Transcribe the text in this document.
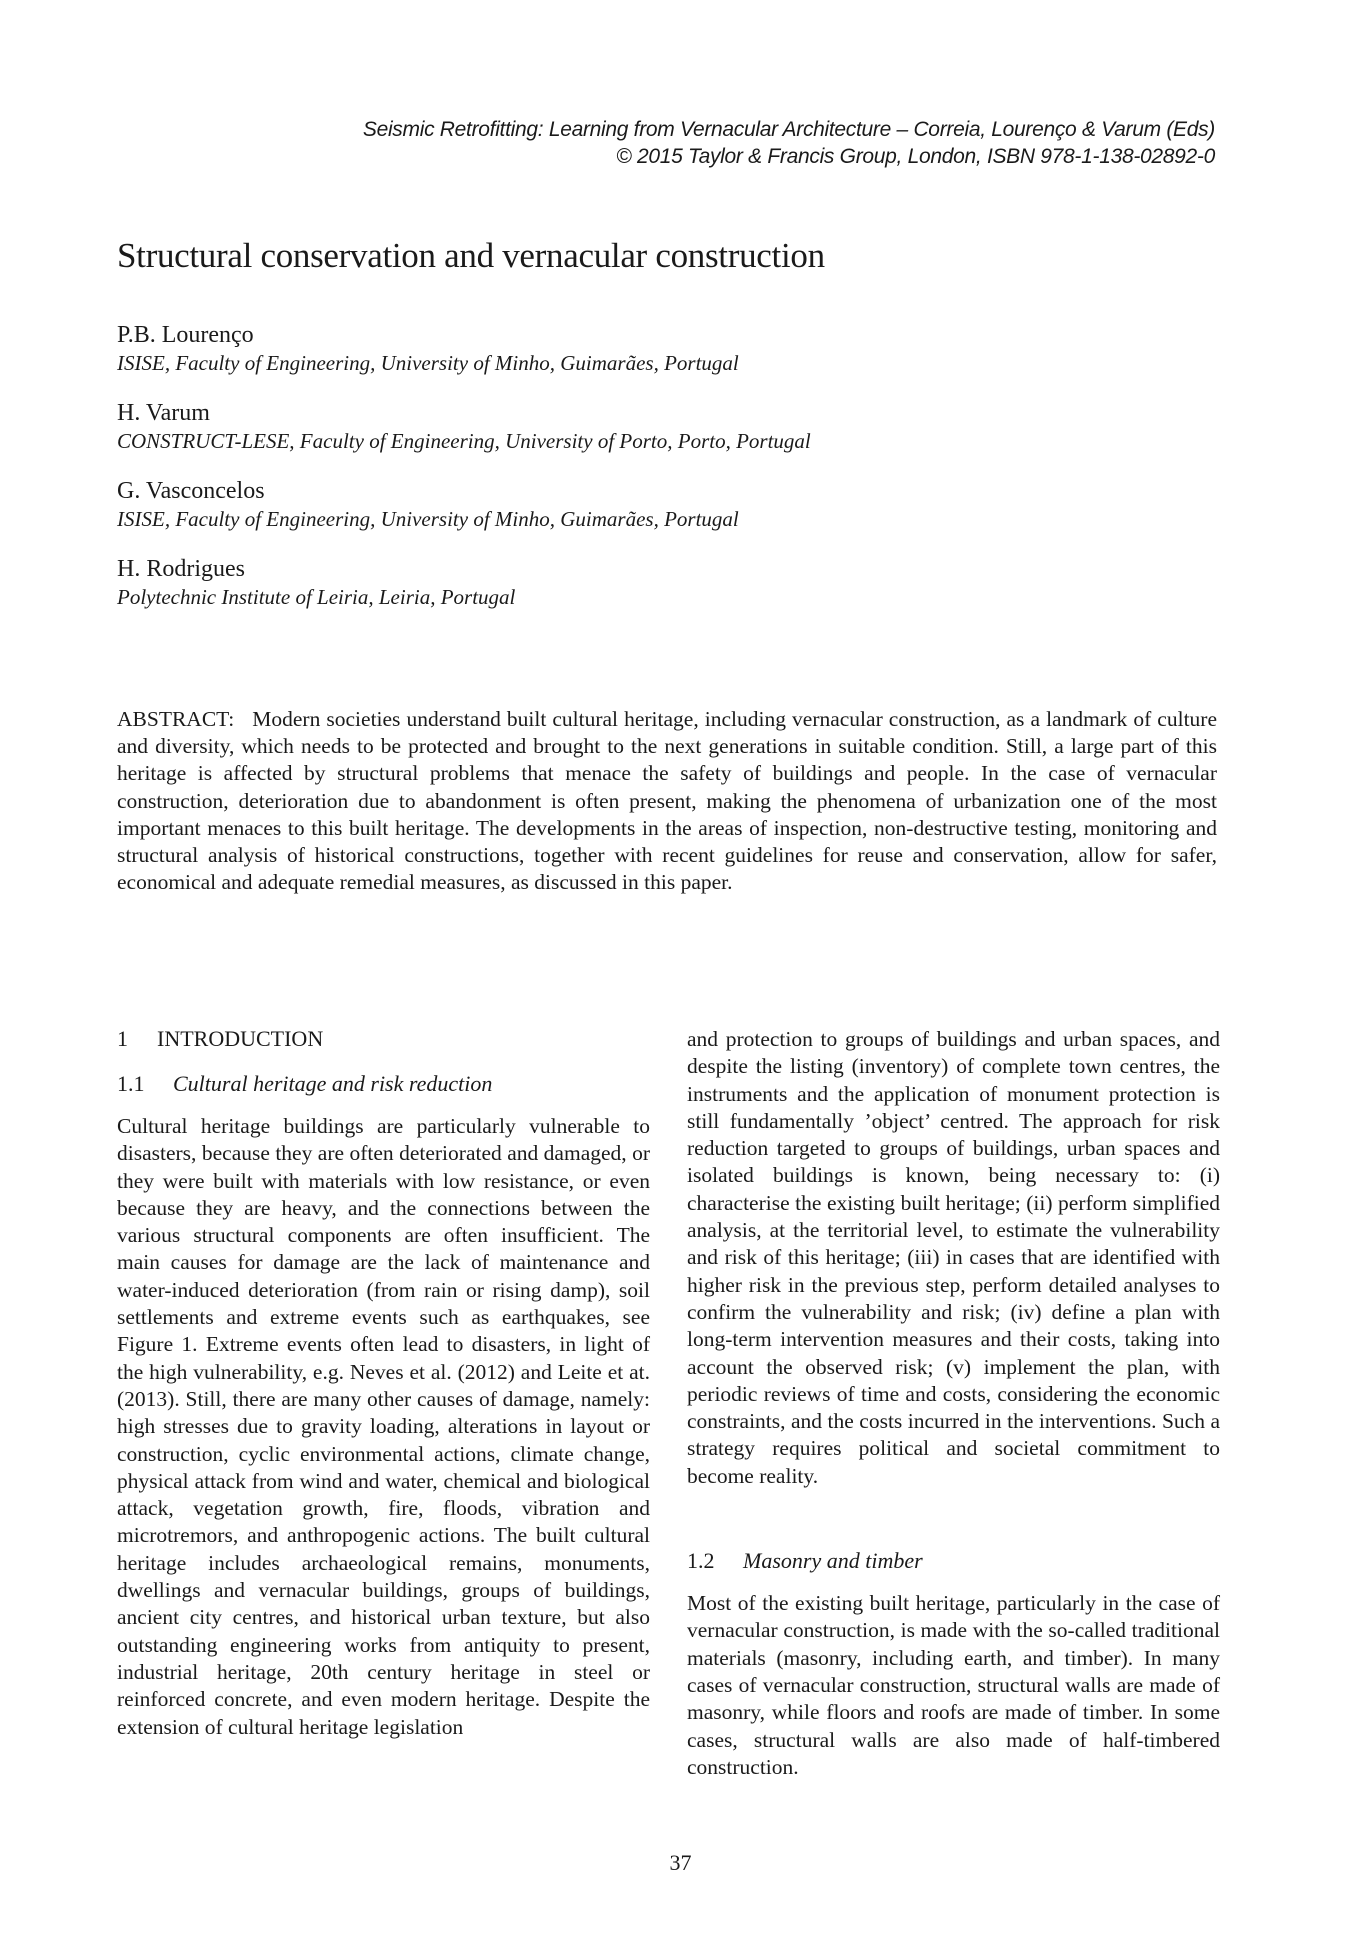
Seismic Retrofitting: Learning from Vernacular Architecture – Correia, Lourenço & Varum (Eds)
© 2015 Taylor & Francis Group, London, ISBN 978-1-138-02892-0
Structural conservation and vernacular construction
P.B. Lourenço
ISISE, Faculty of Engineering, University of Minho, Guimarães, Portugal
H. Varum
CONSTRUCT-LESE, Faculty of Engineering, University of Porto, Porto, Portugal
G. Vasconcelos
ISISE, Faculty of Engineering, University of Minho, Guimarães, Portugal
H. Rodrigues
Polytechnic Institute of Leiria, Leiria, Portugal
ABSTRACT: Modern societies understand built cultural heritage, including vernacular construction, as a landmark of culture and diversity, which needs to be protected and brought to the next generations in suitable condition. Still, a large part of this heritage is affected by structural problems that menace the safety of buildings and people. In the case of vernacular construction, deterioration due to abandonment is often present, making the phenomena of urbanization one of the most important menaces to this built heritage. The developments in the areas of inspection, non-destructive testing, monitoring and structural analysis of historical constructions, together with recent guidelines for reuse and conservation, allow for safer, economical and adequate remedial measures, as discussed in this paper.
1 INTRODUCTION
1.1 Cultural heritage and risk reduction

Cultural heritage buildings are particularly vulnerable to disasters, because they are often deteriorated and damaged, or they were built with materials with low resistance, or even because they are heavy, and the connections between the various structural components are often insufficient. The main causes for damage are the lack of maintenance and water-induced deterioration (from rain or rising damp), soil settlements and extreme events such as earthquakes, see Figure 1. Extreme events often lead to disasters, in light of the high vulnerability, e.g. Neves et al. (2012) and Leite et at. (2013). Still, there are many other causes of damage, namely: high stresses due to gravity loading, alterations in layout or construction, cyclic environmental actions, climate change, physical attack from wind and water, chemical and biological attack, vegetation growth, fire, floods, vibration and microtremors, and anthropogenic actions. The built cultural heritage includes archaeological remains, monuments, dwellings and vernacular buildings, groups of buildings, ancient city centres, and historical urban texture, but also outstanding engineering works from antiquity to present, industrial heritage, 20th century heritage in steel or reinforced concrete, and even modern heritage. Despite the extension of cultural heritage legislation

and protection to groups of buildings and urban spaces, and despite the listing (inventory) of complete town centres, the instruments and the application of monument protection is still fundamentally ’object’ centred. The approach for risk reduction targeted to groups of buildings, urban spaces and isolated buildings is known, being necessary to: (i) characterise the existing built heritage; (ii) perform simplified analysis, at the territorial level, to estimate the vulnerability and risk of this heritage; (iii) in cases that are identified with higher risk in the previous step, perform detailed analyses to confirm the vulnerability and risk; (iv) define a plan with long-term intervention measures and their costs, taking into account the observed risk; (v) implement the plan, with periodic reviews of time and costs, considering the economic constraints, and the costs incurred in the interventions. Such a strategy requires political and societal commitment to become reality.

1.2 Masonry and timber

Most of the existing built heritage, particularly in the case of vernacular construction, is made with the so-called traditional materials (masonry, including earth, and timber). In many cases of vernacular construction, structural walls are made of masonry, while floors and roofs are made of timber. In some cases, structural walls are also made of half-timbered construction.

37
